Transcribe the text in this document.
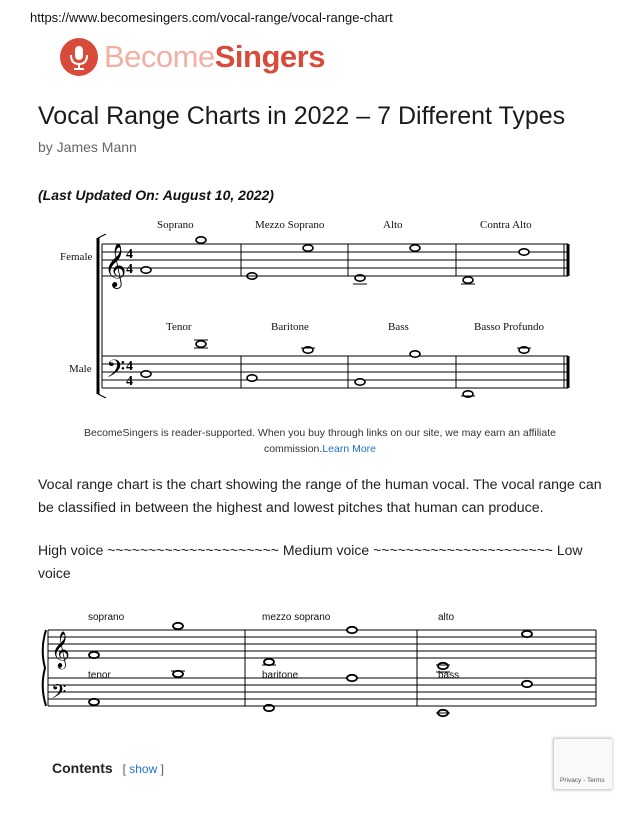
https://www.becomesingers.com/vocal-range/vocal-range-chart
BecomeSingers
Vocal Range Charts in 2022 – 7 Different Types
by James Mann
(Last Updated On: August 10, 2022)
Female
Male
𝄞
𝄢
4
4
4
4
Soprano	Mezzo Soprano	Alto	Contra Alto
Tenor	Baritone	Bass	Basso Profundo
BecomeSingers is reader-supported. When you buy through links on our site, we may earn an affiliate commission.Learn More
Vocal range chart is the chart showing the range of the human vocal. The vocal range can be classified in between the highest and lowest pitches that human can produce.
High voice ~~~~~~~~~~~~~~~~~~~~~ Medium voice ~~~~~~~~~~~~~~~~~~~~~~ Low voice
𝄞
𝄢
soprano	mezzo soprano	alto
tenor	baritone	bass
Contents [ show ]
Privacy - Terms
